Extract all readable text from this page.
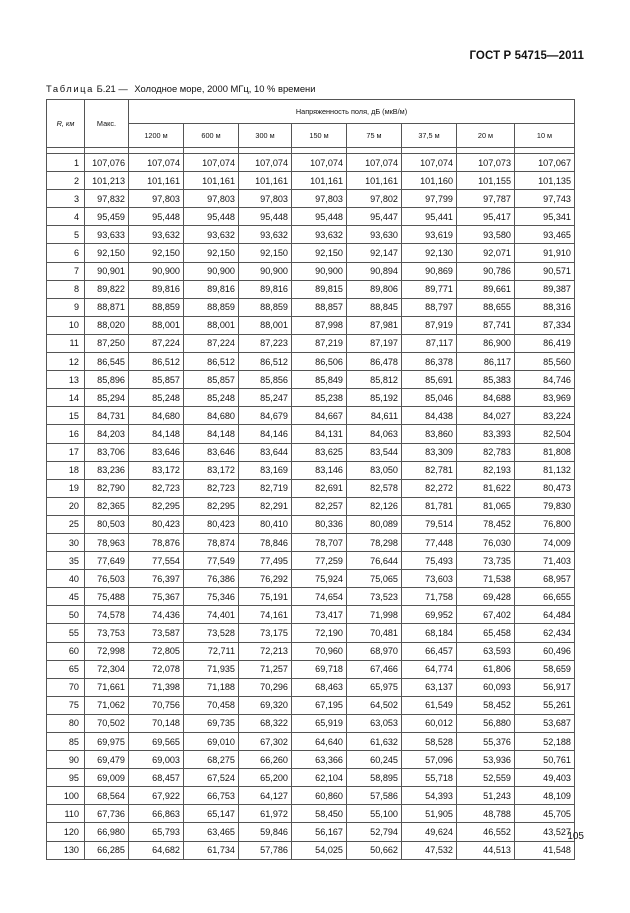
ГОСТ Р 54715—2011
Таблица Б.21 — Холодное море, 2000 МГц, 10 % времени
R, км	Макс.	Напряженность поля, дБ (мкВ/м)							
		1200 м	600 м	300 м	150 м	75 м	37,5 м	20 м	10 м

1	107,076	107,074	107,074	107,074	107,074	107,074	107,074	107,073	107,067
2	101,213	101,161	101,161	101,161	101,161	101,161	101,160	101,155	101,135
3	97,832	97,803	97,803	97,803	97,803	97,802	97,799	97,787	97,743
4	95,459	95,448	95,448	95,448	95,448	95,447	95,441	95,417	95,341
5	93,633	93,632	93,632	93,632	93,632	93,630	93,619	93,580	93,465
6	92,150	92,150	92,150	92,150	92,150	92,147	92,130	92,071	91,910
7	90,901	90,900	90,900	90,900	90,900	90,894	90,869	90,786	90,571
8	89,822	89,816	89,816	89,816	89,815	89,806	89,771	89,661	89,387
9	88,871	88,859	88,859	88,859	88,857	88,845	88,797	88,655	88,316
10	88,020	88,001	88,001	88,001	87,998	87,981	87,919	87,741	87,334
11	87,250	87,224	87,224	87,223	87,219	87,197	87,117	86,900	86,419
12	86,545	86,512	86,512	86,512	86,506	86,478	86,378	86,117	85,560
13	85,896	85,857	85,857	85,856	85,849	85,812	85,691	85,383	84,746
14	85,294	85,248	85,248	85,247	85,238	85,192	85,046	84,688	83,969
15	84,731	84,680	84,680	84,679	84,667	84,611	84,438	84,027	83,224
16	84,203	84,148	84,148	84,146	84,131	84,063	83,860	83,393	82,504
17	83,706	83,646	83,646	83,644	83,625	83,544	83,309	82,783	81,808
18	83,236	83,172	83,172	83,169	83,146	83,050	82,781	82,193	81,132
19	82,790	82,723	82,723	82,719	82,691	82,578	82,272	81,622	80,473
20	82,365	82,295	82,295	82,291	82,257	82,126	81,781	81,065	79,830
25	80,503	80,423	80,423	80,410	80,336	80,089	79,514	78,452	76,800
30	78,963	78,876	78,874	78,846	78,707	78,298	77,448	76,030	74,009
35	77,649	77,554	77,549	77,495	77,259	76,644	75,493	73,735	71,403
40	76,503	76,397	76,386	76,292	75,924	75,065	73,603	71,538	68,957
45	75,488	75,367	75,346	75,191	74,654	73,523	71,758	69,428	66,655
50	74,578	74,436	74,401	74,161	73,417	71,998	69,952	67,402	64,484
55	73,753	73,587	73,528	73,175	72,190	70,481	68,184	65,458	62,434
60	72,998	72,805	72,711	72,213	70,960	68,970	66,457	63,593	60,496
65	72,304	72,078	71,935	71,257	69,718	67,466	64,774	61,806	58,659
70	71,661	71,398	71,188	70,296	68,463	65,975	63,137	60,093	56,917
75	71,062	70,756	70,458	69,320	67,195	64,502	61,549	58,452	55,261
80	70,502	70,148	69,735	68,322	65,919	63,053	60,012	56,880	53,687
85	69,975	69,565	69,010	67,302	64,640	61,632	58,528	55,376	52,188
90	69,479	69,003	68,275	66,260	63,366	60,245	57,096	53,936	50,761
95	69,009	68,457	67,524	65,200	62,104	58,895	55,718	52,559	49,403
100	68,564	67,922	66,753	64,127	60,860	57,586	54,393	51,243	48,109
110	67,736	66,863	65,147	61,972	58,450	55,100	51,905	48,788	45,705
120	66,980	65,793	63,465	59,846	56,167	52,794	49,624	46,552	43,527
130	66,285	64,682	61,734	57,786	54,025	50,662	47,532	44,513	41,548
105
